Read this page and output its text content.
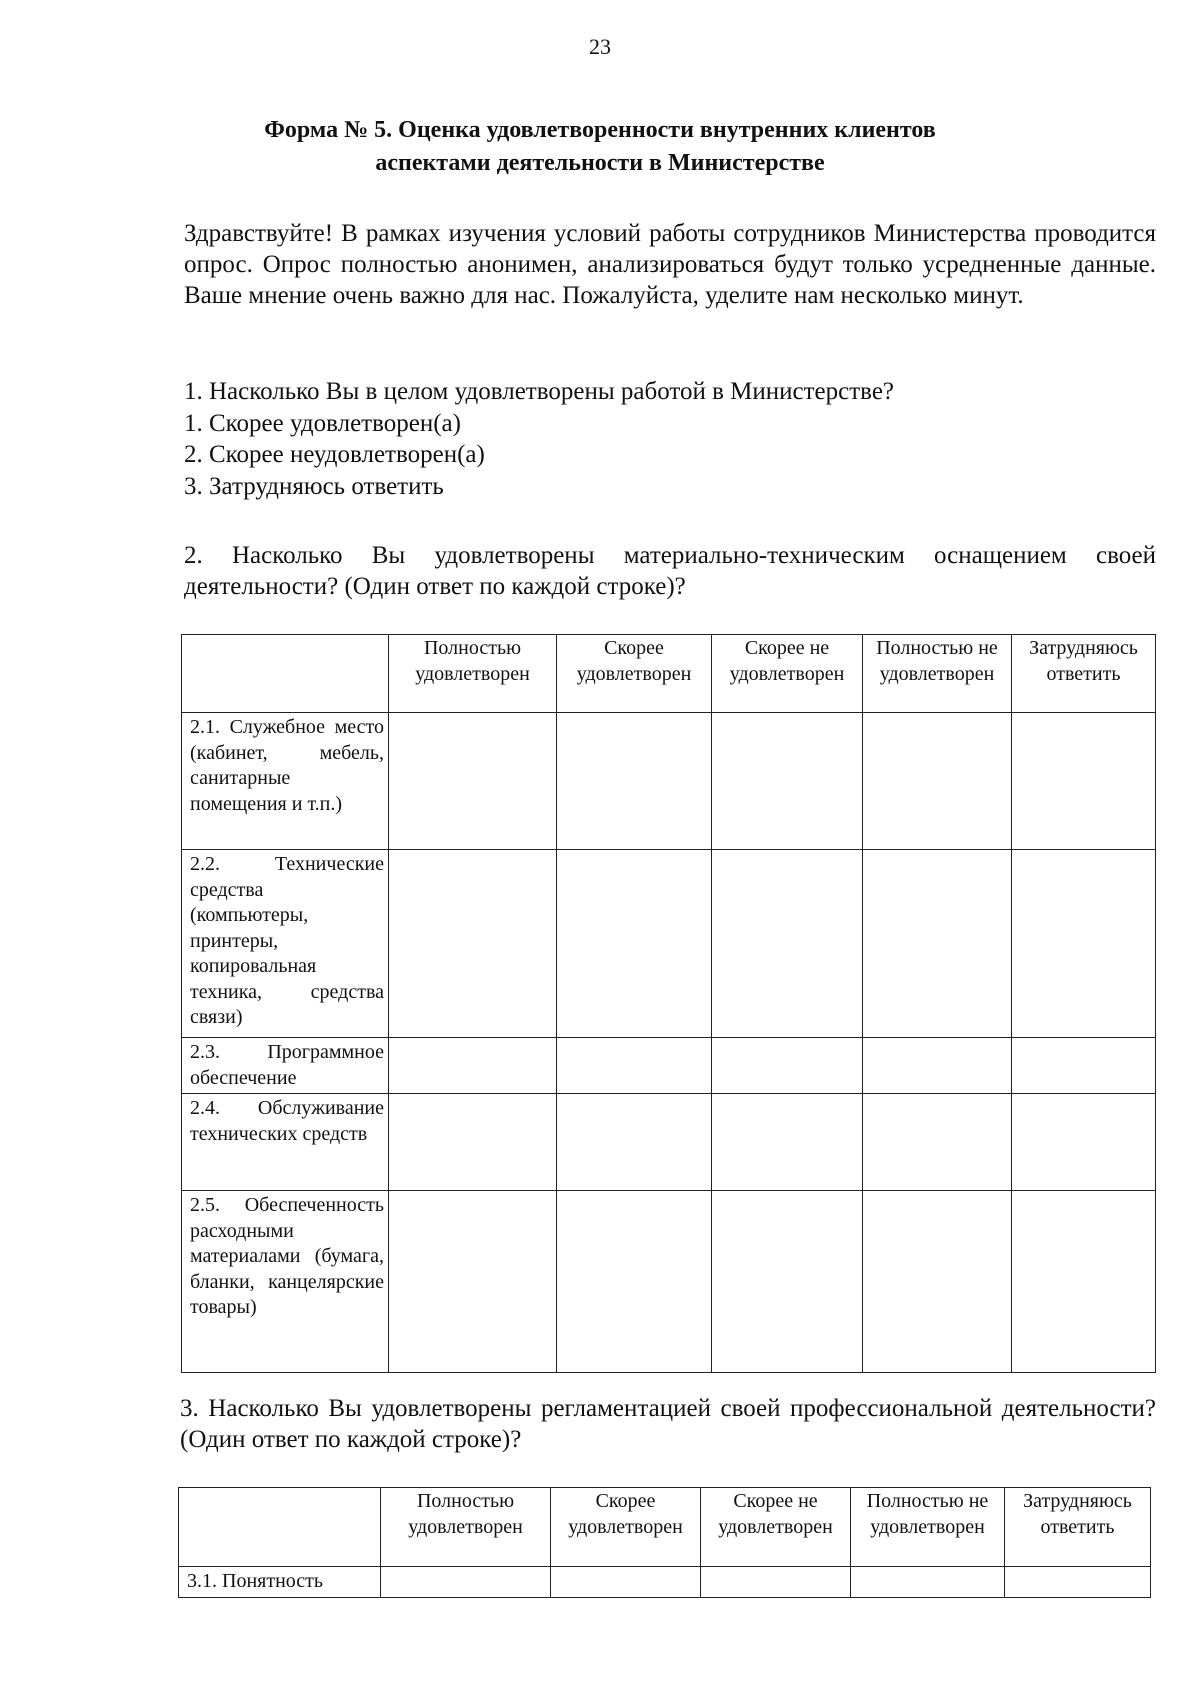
23
Форма № 5. Оценка удовлетворенности внутренних клиентов
аспектами деятельности в Министерстве

Здравствуйте! В рамках изучения условий работы сотрудников Министерства проводится опрос. Опрос полностью анонимен, анализироваться будут только усредненные данные. Ваше мнение очень важно для нас. Пожалуйста, уделите нам несколько минут.

1. Насколько Вы в целом удовлетворены работой в Министерстве?
1. Скорее удовлетворен(а)
2. Скорее неудовлетворен(а)
3. Затрудняюсь ответить

2. Насколько Вы удовлетворены материально-техническим оснащением своей деятельности? (Один ответ по каждой строке)?

	Полностью удовлетворен	Скорее удовлетворен	Скорее не удовлетворен	Полностью не удовлетворен	Затрудняюсь ответить
2.1. Служебное место (кабинет, мебель, санитарные помещения и т.п.)					
2.2. Технические средства (компьютеры, принтеры, копировальная техника, средства связи)					
2.3. Программное обеспечение					
2.4. Обслуживание технических средств					
2.5. Обеспеченность расходными материалами (бумага, бланки, канцелярские товары)					

3. Насколько Вы удовлетворены регламентацией своей профессиональной деятельности? (Один ответ по каждой строке)?

	Полностью удовлетворен	Скорее удовлетворен	Скорее не удовлетворен	Полностью не удовлетворен	Затрудняюсь ответить
3.1. Понятность					
